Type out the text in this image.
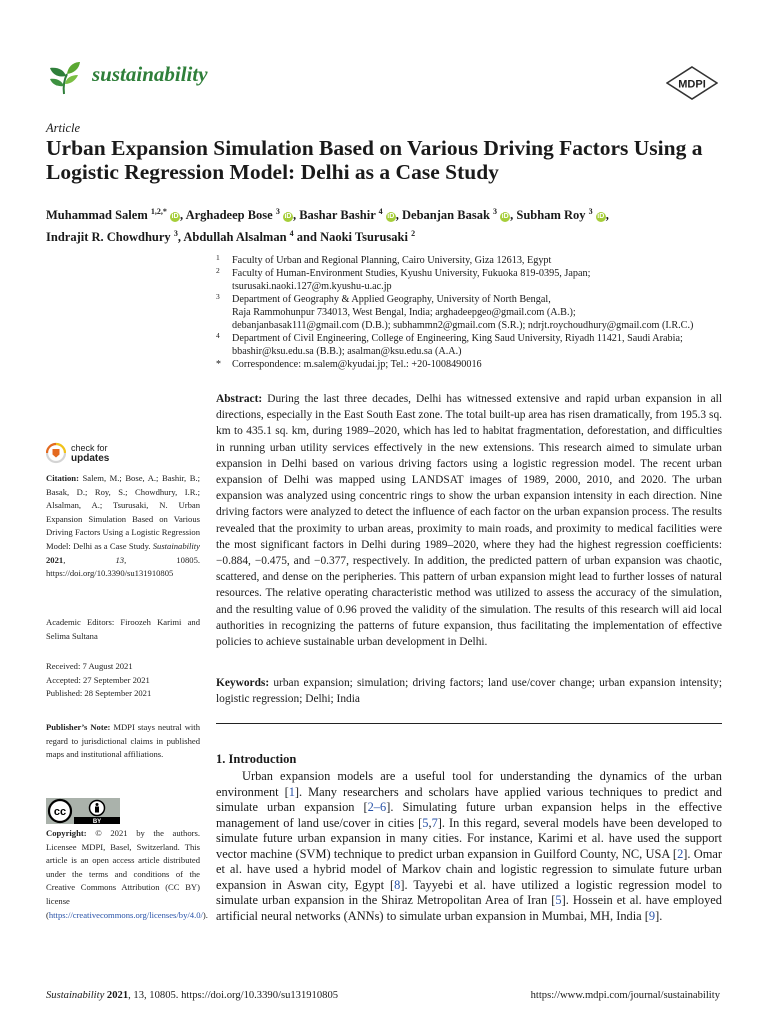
sustainability	MDPI
Article
Urban Expansion Simulation Based on Various Driving Factors Using a Logistic Regression Model: Delhi as a Case Study
Muhammad Salem $^{1,2,*}$ iD , Arghadeep Bose $^3$ iD , Bashar Bashir $^4$ iD , Debanjan Basak $^3$ iD , Subham Roy $^3$ iD ,
Indrajit R. Chowdhury $^3$, Abdullah Alsalman $^4$ and Naoki Tsurusaki $^2$
1 Faculty of Urban and Regional Planning, Cairo University, Giza 12613, Egypt
2 Faculty of Human-Environment Studies, Kyushu University, Fukuoka 819-0395, Japan;
tsurusaki.naoki.127@m.kyushu-u.ac.jp
3 Department of Geography & Applied Geography, University of North Bengal,
Raja Rammohunpur 734013, West Bengal, India; arghadeepgeo@gmail.com (A.B.);
debanjanbasak111@gmail.com (D.B.); subhammn2@gmail.com (S.R.); ndrjt.roychoudhury@gmail.com (I.R.C.)
4 Department of Civil Engineering, College of Engineering, King Saud University, Riyadh 11421, Saudi Arabia;
bbashir@ksu.edu.sa (B.B.); asalman@ksu.edu.sa (A.A.)
* Correspondence: m.salem@kyudai.jp; Tel.: +20-1008490016

Abstract: During the last three decades, Delhi has witnessed extensive and rapid urban expansion in all directions, especially in the East South East zone. The total built-up area has risen dramatically, from 195.3 sq. km to 435.1 sq. km, during 1989–2020, which has led to habitat fragmentation, deforestation, and difficulties in running urban utility services effectively in the new extensions. This research aimed to simulate urban expansion in Delhi based on various driving factors using a logistic regression model. The recent urban expansion of Delhi was mapped using LANDSAT images of 1989, 2000, 2010, and 2020. The urban expansion was analyzed using concentric rings to show the urban expansion intensity in each direction. Nine driving factors were analyzed to detect the influence of each factor on the urban expansion process. The results revealed that the proximity to urban areas, proximity to main roads, and proximity to medical facilities were the most significant factors in Delhi during 1989–2020, where they had the highest regression coefficients: −0.884, −0.475, and −0.377, respectively. In addition, the predicted pattern of urban expansion was chaotic, scattered, and dense on the peripheries. This pattern of urban expansion might lead to further losses of natural resources. The relative operating characteristic method was utilized to assess the accuracy of the simulation, and the resulting value of 0.96 proved the validity of the simulation. The results of this research will aid local authorities in recognizing the patterns of future expansion, thus facilitating the implementation of effective policies to achieve sustainable urban development in Delhi.

Keywords: urban expansion; simulation; driving factors; land use/cover change; urban expansion intensity; logistic regression; Delhi; India

check for
updates

Citation: Salem, M.; Bose, A.; Bashir, B.; Basak, D.; Roy, S.; Chowdhury, I.R.; Alsalman, A.; Tsurusaki, N. Urban Expansion Simulation Based on Various Driving Factors Using a Logistic Regression Model: Delhi as a Case Study. Sustainability 2021, 13, 10805. https://doi.org/10.3390/su131910805

Academic Editors: Firoozeh Karimi and Selima Sultana

Received: 7 August 2021
Accepted: 27 September 2021
Published: 28 September 2021

Publisher’s Note: MDPI stays neutral with regard to jurisdictional claims in published maps and institutional affiliations.

cc
BY

Copyright: © 2021 by the authors. Licensee MDPI, Basel, Switzerland. This article is an open access article distributed under the terms and conditions of the Creative Commons Attribution (CC BY) license (https://creativecommons.org/licenses/by/4.0/).

1. Introduction

Urban expansion models are a useful tool for understanding the dynamics of the urban environment [1]. Many researchers and scholars have applied various techniques to predict and simulate urban expansion [2–6]. Simulating future urban expansion helps in the effective management of land use/cover in cities [5,7]. In this regard, several models have been developed to simulate future urban expansion in many cities. For instance, Karimi et al. have used the support vector machine (SVM) technique to predict urban expansion in Guilford County, NC, USA [2]. Omar et al. have used a hybrid model of Markov chain and logistic regression to simulate future urban expansion in Aswan city, Egypt [8]. Tayyebi et al. have utilized a logistic regression model to simulate urban expansion in the Shiraz Metropolitan Area of Iran [5]. Hossein et al. have employed artificial neural networks (ANNs) to simulate urban expansion in Mumbai, MH, India [9].

Sustainability 2021, 13, 10805. https://doi.org/10.3390/su131910805	https://www.mdpi.com/journal/sustainability
